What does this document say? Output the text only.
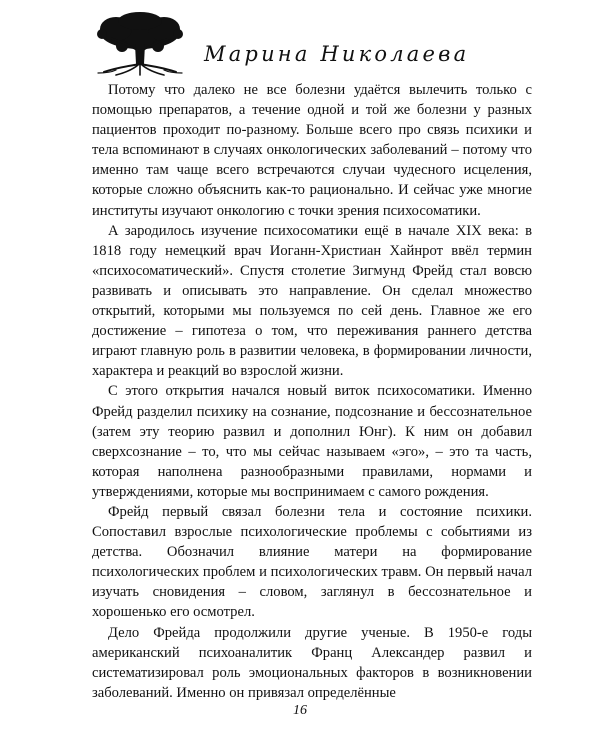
Марина Николаева

Потому что далеко не все болезни удаётся вылечить только с помощью препаратов, а течение одной и той же болезни у разных пациентов проходит по-разному. Больше всего про связь психики и тела вспоминают в случаях онкологических заболеваний – потому что именно там чаще всего встречаются случаи чудесного исцеления, которые сложно объяснить как-то рационально. И сейчас уже многие институты изучают онкологию с точки зрения психосоматики.

А зародилось изучение психосоматики ещё в начале XIX века: в 1818 году немецкий врач Иоганн-Христиан Хайнрот ввёл термин «психосоматический». Спустя столетие Зигмунд Фрейд стал вовсю развивать и описывать это направление. Он сделал множество открытий, которыми мы пользуемся по сей день. Главное же его достижение – гипотеза о том, что переживания раннего детства играют главную роль в развитии человека, в формировании личности, характера и реакций во взрослой жизни.

С этого открытия начался новый виток психосоматики. Именно Фрейд разделил психику на сознание, подсознание и бессознательное (затем эту теорию развил и дополнил Юнг). К ним он добавил сверхсознание – то, что мы сейчас называем «эго», – это та часть, которая наполнена разнообразными правилами, нормами и утверждениями, которые мы воспринимаем с самого рождения.

Фрейд первый связал болезни тела и состояние психики. Сопоставил взрослые психологические проблемы с событиями из детства. Обозначил влияние матери на формирование психологических проблем и психологических травм. Он первый начал изучать сновидения – словом, заглянул в бессознательное и хорошенько его осмотрел.

Дело Фрейда продолжили другие ученые. В 1950-е годы американский психоаналитик Франц Александер развил и систематизировал роль эмоциональных факторов в возникновении заболеваний. Именно он привязал определённые

16
